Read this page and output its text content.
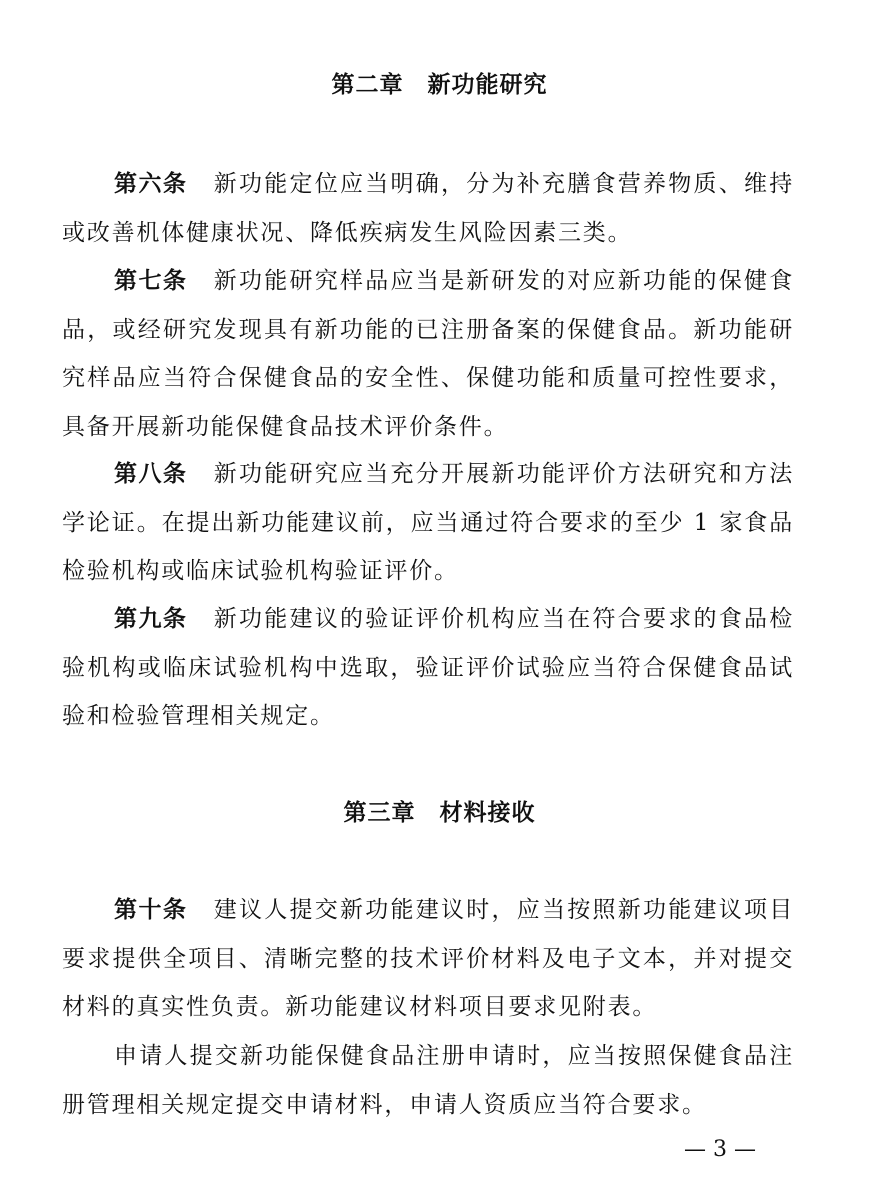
第二章　新功能研究

第六条 新功能定位应当明确，分为补充膳食营养物质、维持或改善机体健康状况、降低疾病发生风险因素三类。

第七条 新功能研究样品应当是新研发的对应新功能的保健食品，或经研究发现具有新功能的已注册备案的保健食品。新功能研究样品应当符合保健食品的安全性、保健功能和质量可控性要求，具备开展新功能保健食品技术评价条件。

第八条 新功能研究应当充分开展新功能评价方法研究和方法学论证。在提出新功能建议前，应当通过符合要求的至少 1 家食品检验机构或临床试验机构验证评价。

第九条 新功能建议的验证评价机构应当在符合要求的食品检验机构或临床试验机构中选取，验证评价试验应当符合保健食品试验和检验管理相关规定。

第三章　材料接收

第十条 建议人提交新功能建议时，应当按照新功能建议项目要求提供全项目、清晰完整的技术评价材料及电子文本，并对提交材料的真实性负责。新功能建议材料项目要求见附表。

申请人提交新功能保健食品注册申请时，应当按照保健食品注册管理相关规定提交申请材料，申请人资质应当符合要求。

— 3 —
